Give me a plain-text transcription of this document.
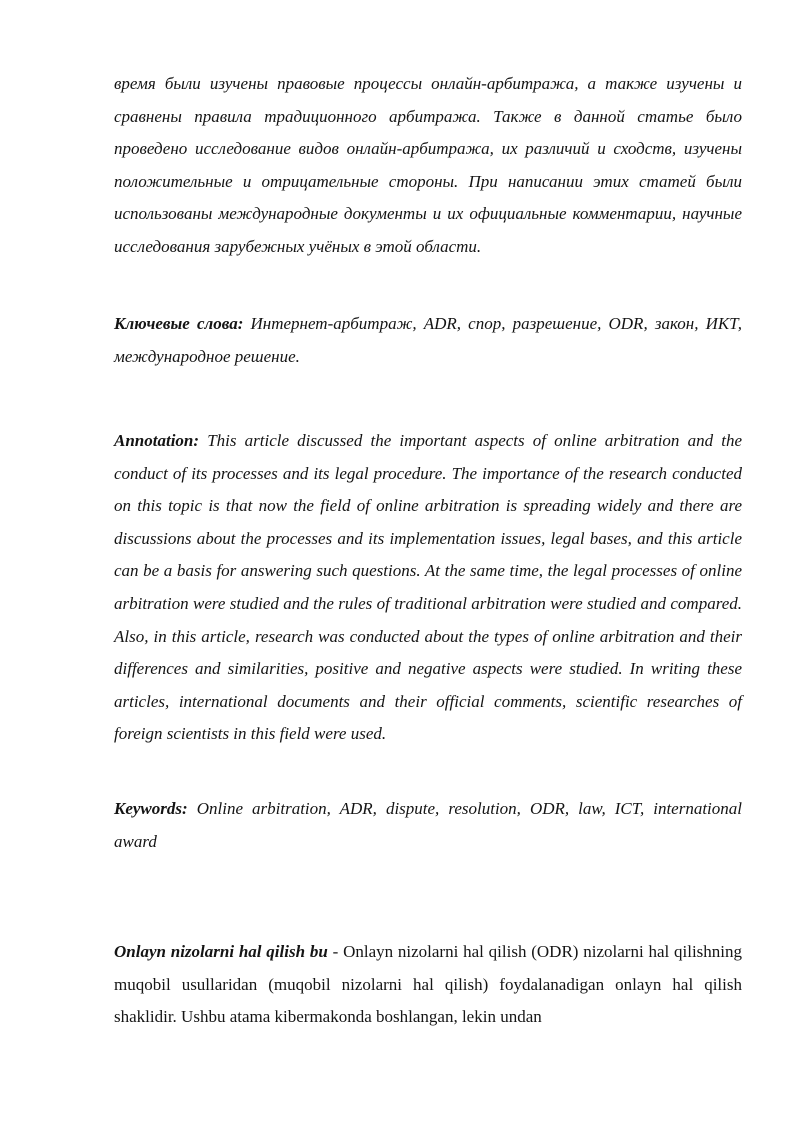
время были изучены правовые процессы онлайн-арбитража, а также изучены и сравнены правила традиционного арбитража. Также в данной статье было проведено исследование видов онлайн-арбитража, их различий и сходств, изучены положительные и отрицательные стороны. При написании этих статей были использованы международные документы и их официальные комментарии, научные исследования зарубежных учёных в этой области.

Ключевые слова: Интернет-арбитраж, ADR, спор, разрешение, ODR, закон, ИКТ, международное решение.

Annotation: This article discussed the important aspects of online arbitration and the conduct of its processes and its legal procedure. The importance of the research conducted on this topic is that now the field of online arbitration is spreading widely and there are discussions about the processes and its implementation issues, legal bases, and this article can be a basis for answering such questions. At the same time, the legal processes of online arbitration were studied and the rules of traditional arbitration were studied and compared. Also, in this article, research was conducted about the types of online arbitration and their differences and similarities, positive and negative aspects were studied. In writing these articles, international documents and their official comments, scientific researches of foreign scientists in this field were used.

Keywords: Online arbitration, ADR, dispute, resolution, ODR, law, ICT, international award

Onlayn nizolarni hal qilish bu - Onlayn nizolarni hal qilish (ODR) nizolarni hal qilishning muqobil usullaridan (muqobil nizolarni hal qilish) foydalanadigan onlayn hal qilish shaklidir. Ushbu atama kibermakonda boshlangan, lekin undan
